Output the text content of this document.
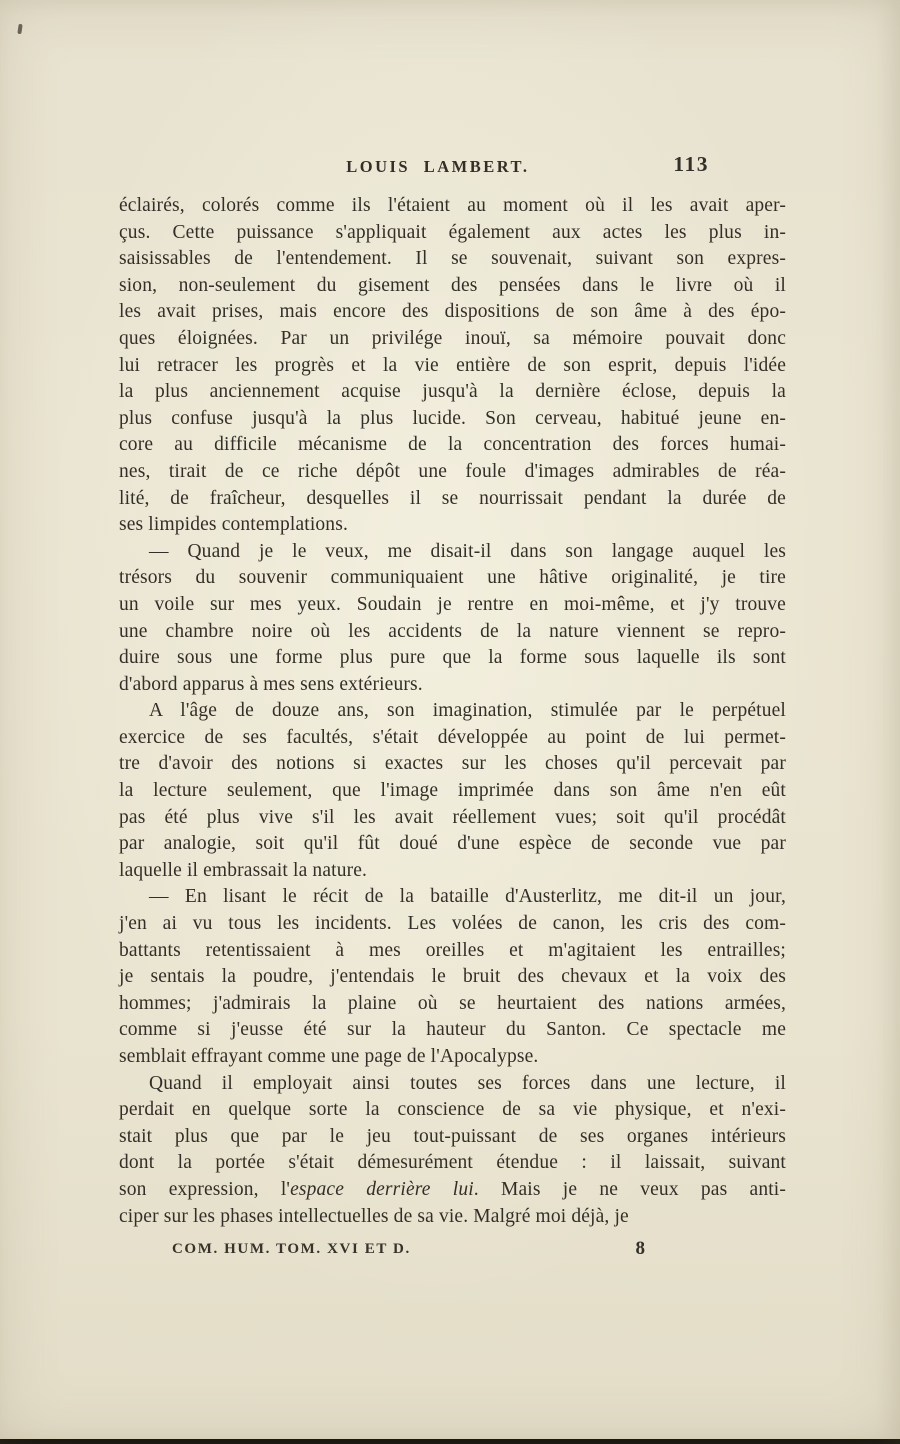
LOUIS LAMBERT.	113
éclairés, colorés comme ils l'étaient au moment où il les avait aper-
çus. Cette puissance s'appliquait également aux actes les plus in-
saisissables de l'entendement. Il se souvenait, suivant son expres-
sion, non-seulement du gisement des pensées dans le livre où il
les avait prises, mais encore des dispositions de son âme à des épo-
ques éloignées. Par un privilége inouï, sa mémoire pouvait donc
lui retracer les progrès et la vie entière de son esprit, depuis l'idée
la plus anciennement acquise jusqu'à la dernière éclose, depuis la
plus confuse jusqu'à la plus lucide. Son cerveau, habitué jeune en-
core au difficile mécanisme de la concentration des forces humai-
nes, tirait de ce riche dépôt une foule d'images admirables de réa-
lité, de fraîcheur, desquelles il se nourrissait pendant la durée de
ses limpides contemplations.
— Quand je le veux, me disait-il dans son langage auquel les
trésors du souvenir communiquaient une hâtive originalité, je tire
un voile sur mes yeux. Soudain je rentre en moi-même, et j'y trouve
une chambre noire où les accidents de la nature viennent se repro-
duire sous une forme plus pure que la forme sous laquelle ils sont
d'abord apparus à mes sens extérieurs.
A l'âge de douze ans, son imagination, stimulée par le perpétuel
exercice de ses facultés, s'était développée au point de lui permet-
tre d'avoir des notions si exactes sur les choses qu'il percevait par
la lecture seulement, que l'image imprimée dans son âme n'en eût
pas été plus vive s'il les avait réellement vues; soit qu'il procédât
par analogie, soit qu'il fût doué d'une espèce de seconde vue par
laquelle il embrassait la nature.
— En lisant le récit de la bataille d'Austerlitz, me dit-il un jour,
j'en ai vu tous les incidents. Les volées de canon, les cris des com-
battants retentissaient à mes oreilles et m'agitaient les entrailles;
je sentais la poudre, j'entendais le bruit des chevaux et la voix des
hommes; j'admirais la plaine où se heurtaient des nations armées,
comme si j'eusse été sur la hauteur du Santon. Ce spectacle me
semblait effrayant comme une page de l'Apocalypse.
Quand il employait ainsi toutes ses forces dans une lecture, il
perdait en quelque sorte la conscience de sa vie physique, et n'exi-
stait plus que par le jeu tout-puissant de ses organes intérieurs
dont la portée s'était démesurément étendue : il laissait, suivant
son expression, l'espace derrière lui. Mais je ne veux pas anti-
ciper sur les phases intellectuelles de sa vie. Malgré moi déjà, je
COM. HUM. TOM. XVI ET D.	8
